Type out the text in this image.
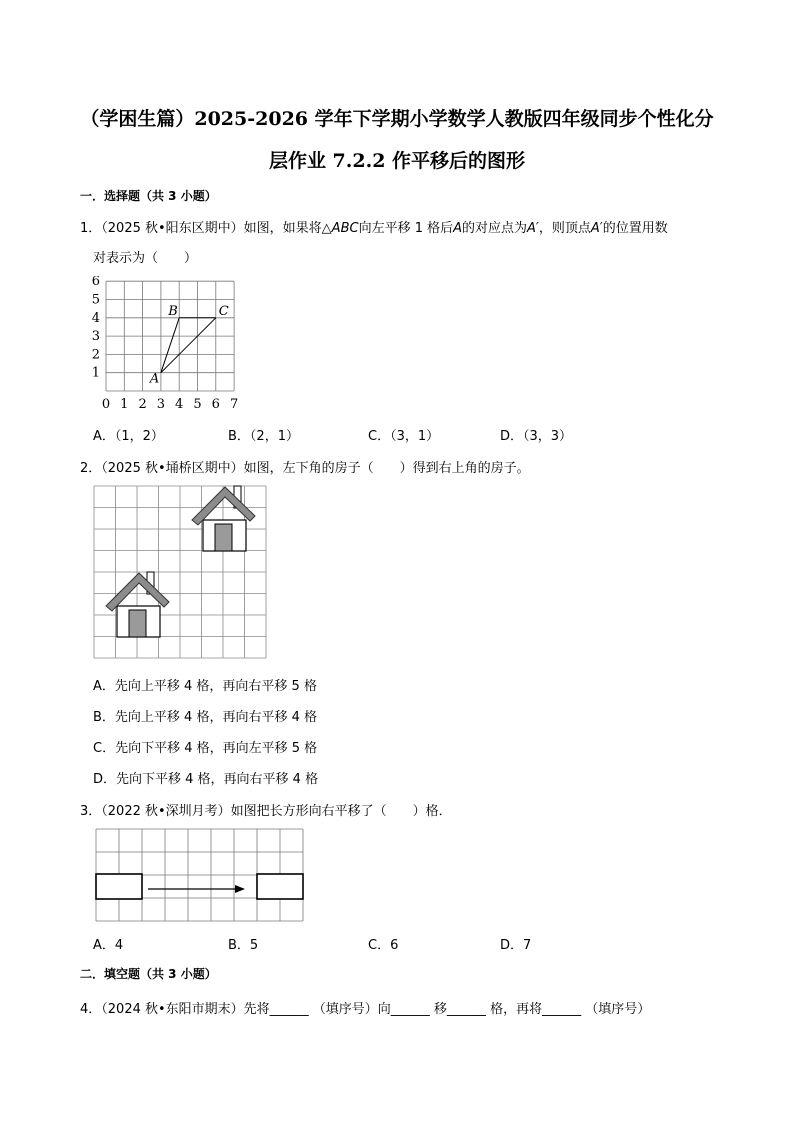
（学困生篇）2025-2026 学年下学期小学数学人教版四年级同步个性化分
层作业 7.2.2 作平移后的图形
一．选择题（共 3 小题）
1．（2025 秋•阳东区期中）如图，如果将△ABC向左平移 1 格后A的对应点为A′，则顶点A′的位置用数
对表示为（　　）
0 1 2 3 4 5 6 7
1
2
3
4
5
6
A
B	C
A．（1，2）	B．（2，1）	C．（3，1）	D．（3，3）
2．（2025 秋•埇桥区期中）如图，左下角的房子（　　）得到右上角的房子。
A．先向上平移 4 格，再向右平移 5 格
B．先向上平移 4 格，再向右平移 4 格
C．先向下平移 4 格，再向左平移 5 格
D．先向下平移 4 格，再向右平移 4 格
3．（2022 秋•深圳月考）如图把长方形向右平移了（　　）格．
A．4	B．5	C．6	D．7
二．填空题（共 3 小题）
4．（2024 秋•东阳市期末）先将______ （填序号）向______ 移______ 格，再将______ （填序号）
